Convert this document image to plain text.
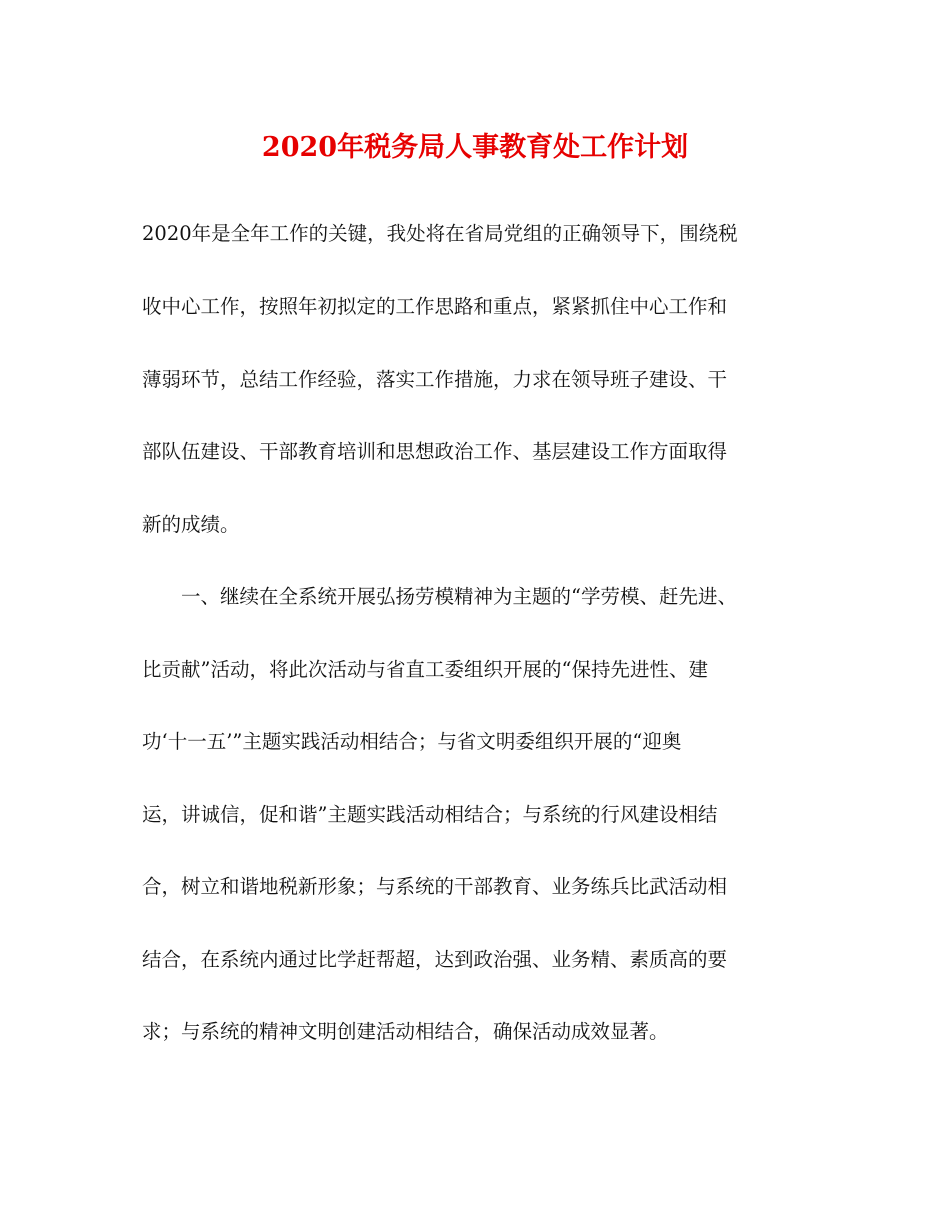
2020年税务局人事教育处工作计划
2020年是全年工作的关键，我处将在省局党组的正确领导下，围绕税
收中心工作，按照年初拟定的工作思路和重点，紧紧抓住中心工作和
薄弱环节，总结工作经验，落实工作措施，力求在领导班子建设、干
部队伍建设、干部教育培训和思想政治工作、基层建设工作方面取得
新的成绩。
　　一、继续在全系统开展弘扬劳模精神为主题的“学劳模、赶先进、
比贡献”活动，将此次活动与省直工委组织开展的“保持先进性、建
功‘十一五’”主题实践活动相结合；与省文明委组织开展的“迎奥
运，讲诚信，促和谐”主题实践活动相结合；与系统的行风建设相结
合，树立和谐地税新形象；与系统的干部教育、业务练兵比武活动相
结合，在系统内通过比学赶帮超，达到政治强、业务精、素质高的要
求；与系统的精神文明创建活动相结合，确保活动成效显著。
